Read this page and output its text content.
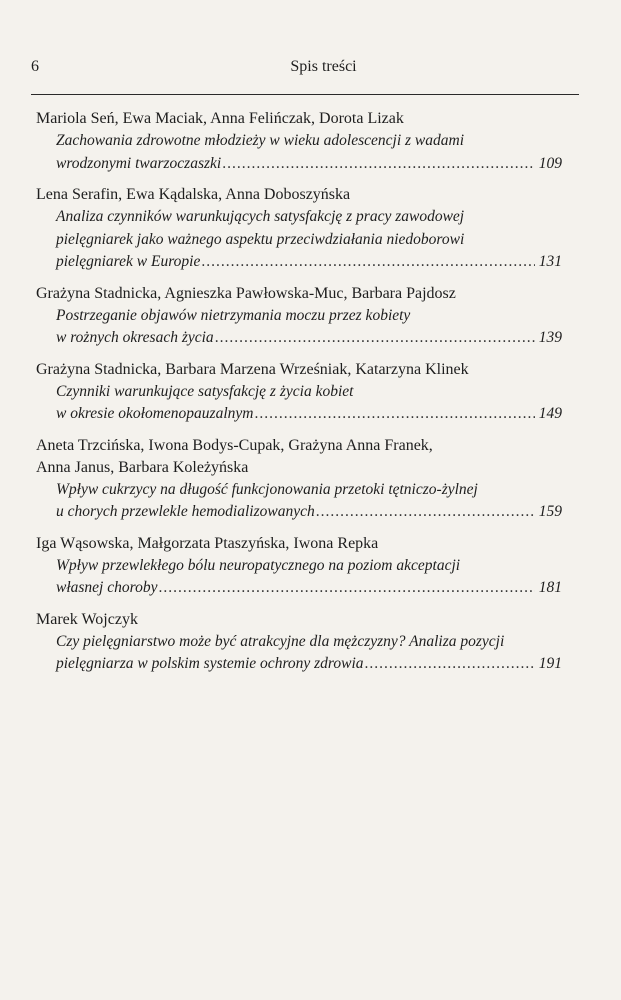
6	Spis treści
Mariola Seń, Ewa Maciak, Anna Felińczak, Dorota Lizak
Zachowania zdrowotne młodzieży w wieku adolescencji z wadami
wrodzonymi twarzoczaszki .....	109
Lena Serafin, Ewa Kądalska, Anna Doboszyńska
Analiza czynników warunkujących satysfakcję z pracy zawodowej
pielęgniarek jako ważnego aspektu przeciwdziałania niedoborowi
pielęgniarek w Europie .....	131
Grażyna Stadnicka, Agnieszka Pawłowska-Muc, Barbara Pajdosz
Postrzeganie objawów nietrzymania moczu przez kobiety
w rożnych okresach życia .....	139
Grażyna Stadnicka, Barbara Marzena Wrześniak, Katarzyna Klinek
Czynniki warunkujące satysfakcję z życia kobiet
w okresie okołomenopauzalnym .....	149
Aneta Trzcińska, Iwona Bodys-Cupak, Grażyna Anna Franek,
Anna Janus, Barbara Koleżyńska
Wpływ cukrzycy na długość funkcjonowania przetoki tętniczo-żylnej
u chorych przewlekle hemodializowanych .....	159
Iga Wąsowska, Małgorzata Ptaszyńska, Iwona Repka
Wpływ przewlekłego bólu neuropatycznego na poziom akceptacji
własnej choroby .....	181
Marek Wojczyk
Czy pielęgniarstwo może być atrakcyjne dla mężczyzny? Analiza pozycji
pielęgniarza w polskim systemie ochrony zdrowia .....	191
